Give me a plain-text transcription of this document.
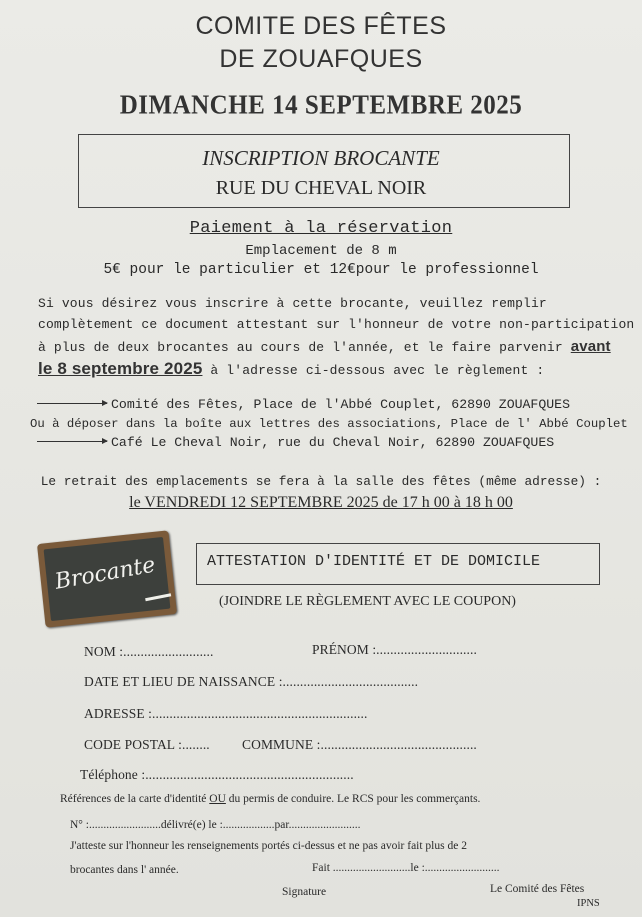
COMITE DES FÊTES
DE ZOUAFQUES
DIMANCHE 14 SEPTEMBRE 2025
INSCRIPTION BROCANTE
RUE DU CHEVAL NOIR
Paiement à la réservation
Emplacement de 8 m
5€ pour le particulier et 12€pour le professionnel
Si vous désirez vous inscrire à cette brocante, veuillez remplir
complètement ce document attestant sur l'honneur de votre non-participation
à plus de deux brocantes au cours de l'année, et le faire parvenir avant
le 8 septembre 2025 à l'adresse ci-dessous avec le règlement :
Comité des Fêtes, Place de l'Abbé Couplet, 62890 ZOUAFQUES
Ou à déposer dans la boîte aux lettres des associations, Place de l' Abbé Couplet
Café Le Cheval Noir, rue du Cheval Noir, 62890 ZOUAFQUES
Le retrait des emplacements se fera à la salle des fêtes (même adresse) :
le VENDREDI 12 SEPTEMBRE 2025 de 17 h 00 à 18 h 00
Brocante	ATTESTATION D'IDENTITÉ ET DE DOMICILE
(JOINDRE LE RÈGLEMENT AVEC LE COUPON)
NOM :..........................	PRÉNOM :.............................
DATE ET LIEU DE NAISSANCE :.......................................
ADRESSE :..............................................................
CODE POSTAL :........ COMMUNE :.............................................
Téléphone :............................................................
Références de la carte d'identité OU du permis de conduire. Le RCS pour les commerçants.
N° :.........................délivré(e) le :..................par.........................
J'atteste sur l'honneur les renseignements portés ci-dessus et ne pas avoir fait plus de 2
brocantes dans l' année.	Fait ...........................le :..........................
Signature	Le Comité des Fêtes
IPNS
